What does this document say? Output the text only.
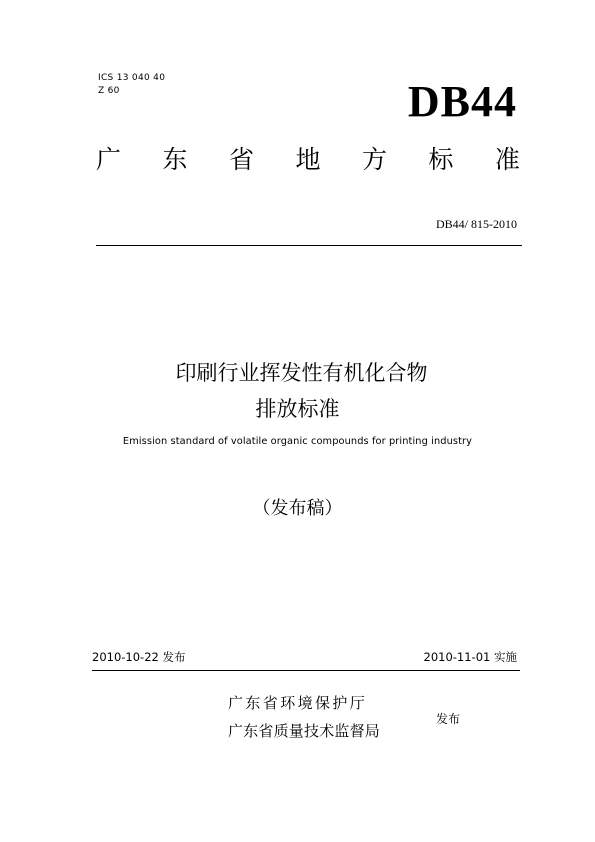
ICS 13 040 40
Z 60	DB44
广 东 省 地 方 标 准
DB44/ 815-2010
印刷行业挥发性有机化合物
排放标准
Emission standard of volatile organic compounds for printing industry
（发布稿）
2010-10-22 发布	2010-11-01 实施
广东省环境保护厅
广东省质量技术监督局
发布
